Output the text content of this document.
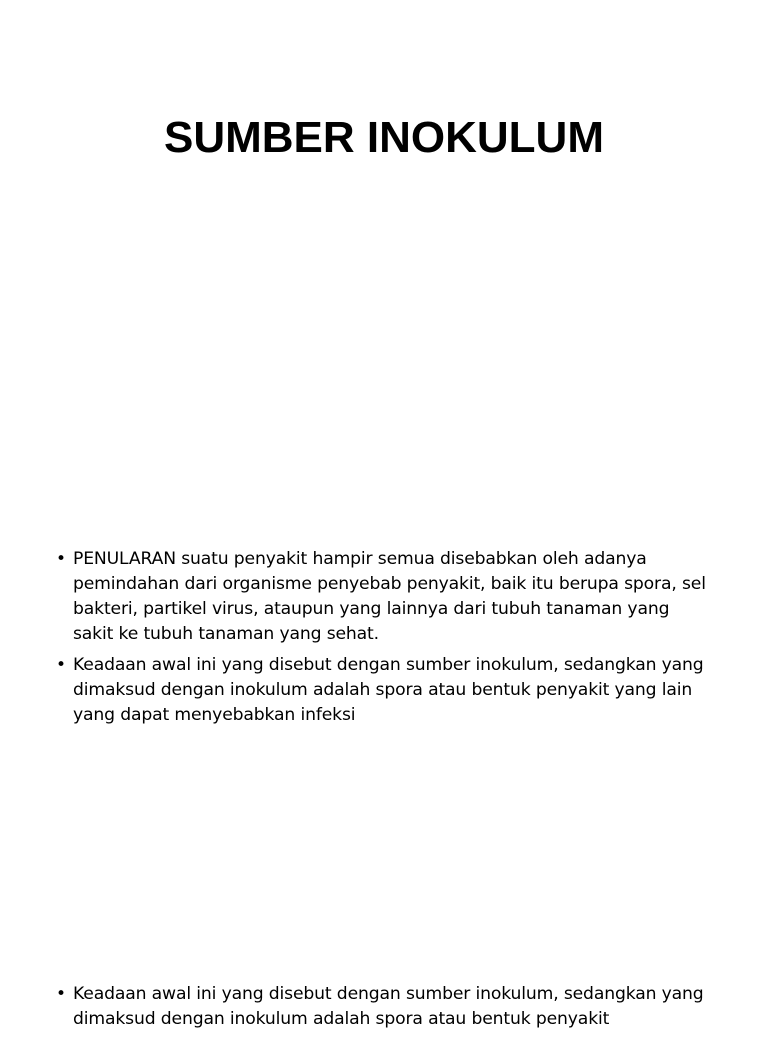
SUMBER INOKULUM
• PENULARAN suatu penyakit hampir semua disebabkan oleh adanya pemindahan dari organisme penyebab penyakit, baik itu berupa spora, sel bakteri, partikel virus, ataupun yang lainnya dari tubuh tanaman yang sakit ke tubuh tanaman yang sehat.
• Keadaan awal ini yang disebut dengan sumber inokulum, sedangkan yang dimaksud dengan inokulum adalah spora atau bentuk penyakit yang lain yang dapat menyebabkan infeksi
• Keadaan awal ini yang disebut dengan sumber inokulum, sedangkan yang dimaksud dengan inokulum adalah spora atau bentuk penyakit
